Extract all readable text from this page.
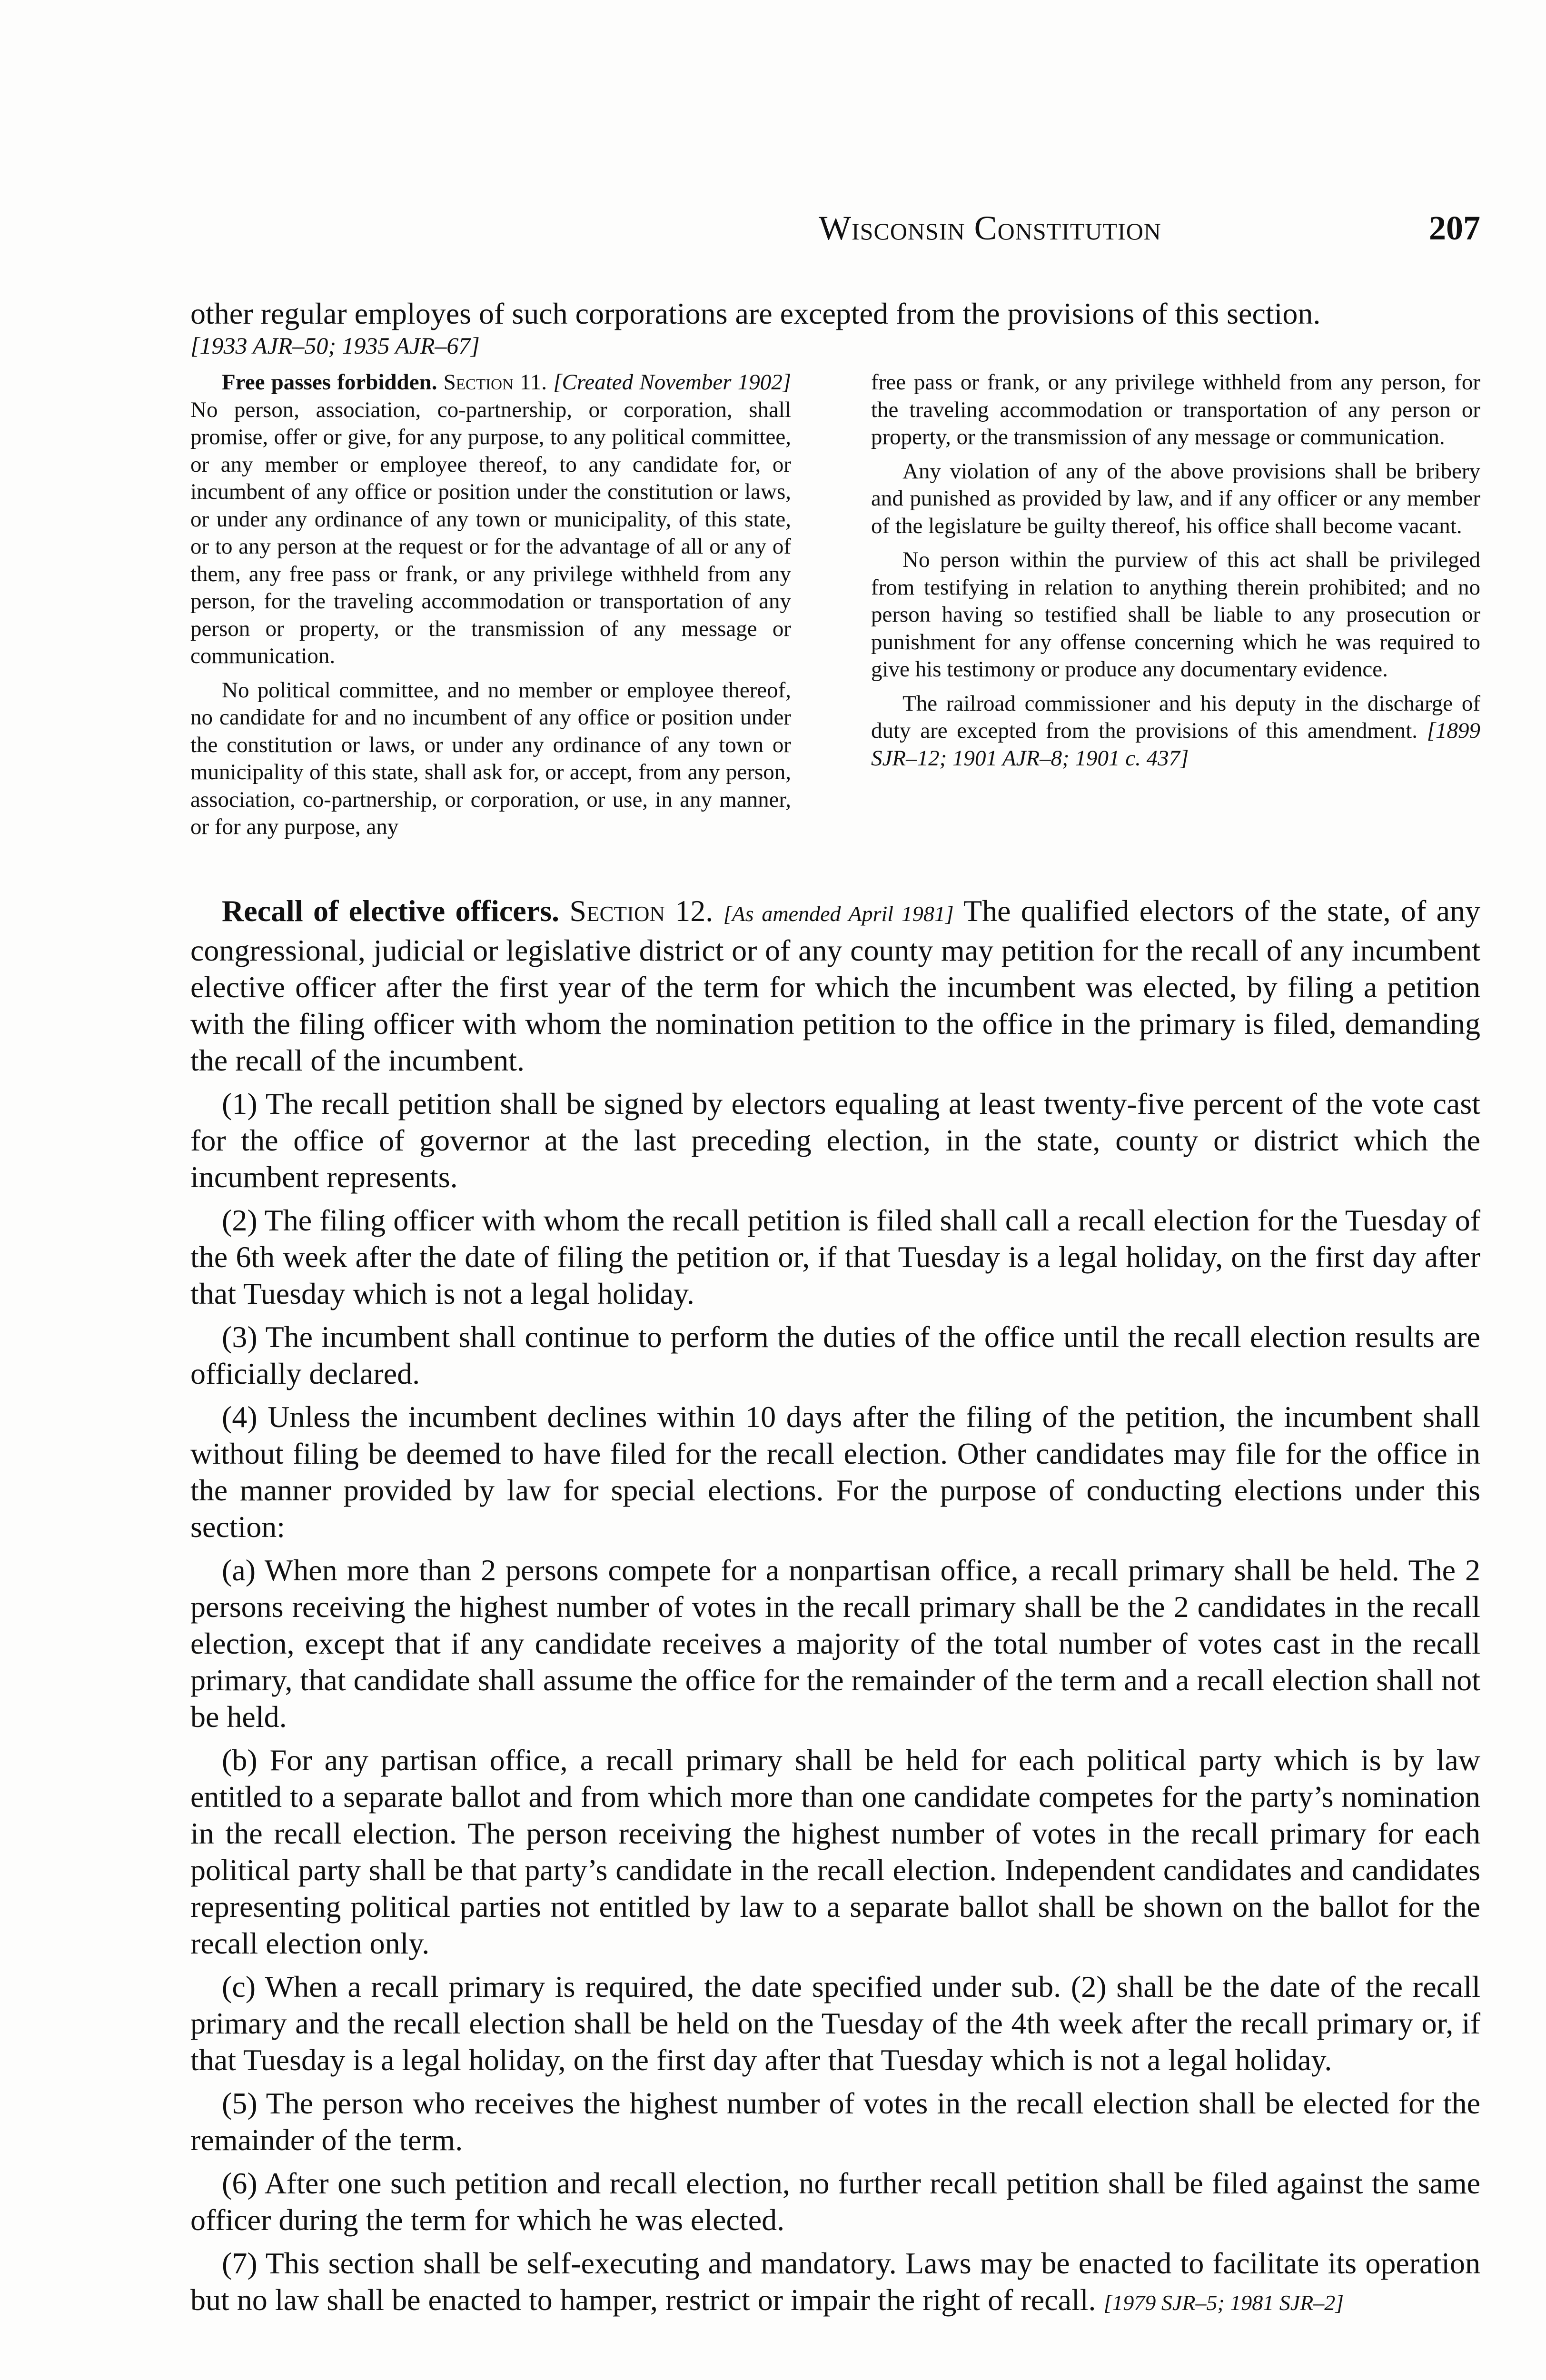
Wisconsin Constitution	207

other regular employes of such corporations are excepted from the provisions of this section.

[1933 AJR–50; 1935 AJR–67]

Free passes forbidden. Section 11. [Created November 1902] No person, association, co-partnership, or corporation, shall promise, offer or give, for any purpose, to any political committee, or any member or employee thereof, to any candidate for, or incumbent of any office or position under the constitution or laws, or under any ordinance of any town or municipality, of this state, or to any person at the request or for the advantage of all or any of them, any free pass or frank, or any privilege withheld from any person, for the traveling accommodation or transportation of any person or property, or the transmission of any message or communication.

No political committee, and no member or employee thereof, no candidate for and no incumbent of any office or position under the constitution or laws, or under any ordinance of any town or municipality of this state, shall ask for, or accept, from any person, association, co-partnership, or corporation, or use, in any manner, or for any purpose, any

free pass or frank, or any privilege withheld from any person, for the traveling accommodation or transportation of any person or property, or the transmission of any message or communication.

Any violation of any of the above provisions shall be bribery and punished as provided by law, and if any officer or any member of the legislature be guilty thereof, his office shall become vacant.

No person within the purview of this act shall be privileged from testifying in relation to anything therein prohibited; and no person having so testified shall be liable to any prosecution or punishment for any offense concerning which he was required to give his testimony or produce any documentary evidence.

The railroad commissioner and his deputy in the discharge of duty are excepted from the provisions of this amendment. [1899 SJR–12; 1901 AJR–8; 1901 c. 437]

Recall of elective officers. Section 12. [As amended April 1981] The qualified electors of the state, of any congressional, judicial or legislative district or of any county may petition for the recall of any incumbent elective officer after the first year of the term for which the incumbent was elected, by filing a petition with the filing officer with whom the nomination petition to the office in the primary is filed, demanding the recall of the incumbent.

(1) The recall petition shall be signed by electors equaling at least twenty-five percent of the vote cast for the office of governor at the last preceding election, in the state, county or district which the incumbent represents.

(2) The filing officer with whom the recall petition is filed shall call a recall election for the Tuesday of the 6th week after the date of filing the petition or, if that Tuesday is a legal holiday, on the first day after that Tuesday which is not a legal holiday.

(3) The incumbent shall continue to perform the duties of the office until the recall election results are officially declared.

(4) Unless the incumbent declines within 10 days after the filing of the petition, the incumbent shall without filing be deemed to have filed for the recall election. Other candidates may file for the office in the manner provided by law for special elections. For the purpose of conducting elections under this section:

(a) When more than 2 persons compete for a nonpartisan office, a recall primary shall be held. The 2 persons receiving the highest number of votes in the recall primary shall be the 2 candidates in the recall election, except that if any candidate receives a majority of the total number of votes cast in the recall primary, that candidate shall assume the office for the remainder of the term and a recall election shall not be held.

(b) For any partisan office, a recall primary shall be held for each political party which is by law entitled to a separate ballot and from which more than one candidate competes for the party’s nomination in the recall election. The person receiving the highest number of votes in the recall primary for each political party shall be that party’s candidate in the recall election. Independent candidates and candidates representing political parties not entitled by law to a separate ballot shall be shown on the ballot for the recall election only.

(c) When a recall primary is required, the date specified under sub. (2) shall be the date of the recall primary and the recall election shall be held on the Tuesday of the 4th week after the recall primary or, if that Tuesday is a legal holiday, on the first day after that Tuesday which is not a legal holiday.

(5) The person who receives the highest number of votes in the recall election shall be elected for the remainder of the term.

(6) After one such petition and recall election, no further recall petition shall be filed against the same officer during the term for which he was elected.

(7) This section shall be self-executing and mandatory. Laws may be enacted to facilitate its operation but no law shall be enacted to hamper, restrict or impair the right of recall. [1979 SJR–5; 1981 SJR–2]
